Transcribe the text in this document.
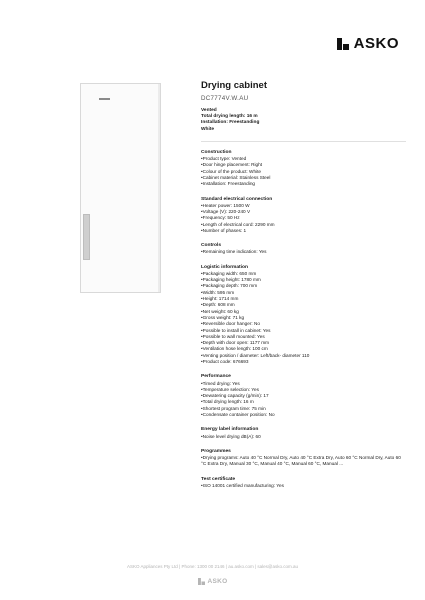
ASKO
Drying cabinet
DC7774V.W.AU
Vented
Total drying length: 16 m
Installation: Freestanding
White
Construction
• Product type: Vented
• Door hinge placement: Right
• Colour of the product: White
• Cabinet material: Stainless Steel
• Installation: Freestanding
Standard electrical connection
• Heater power: 1500 W
• Voltage (V): 220-240 V
• Frequency: 50 Hz
• Length of electrical cord: 2290 mm
• Number of phases: 1
Controls
• Remaining time indication: Yes
Logistic information
• Packaging width: 650 mm
• Packaging height: 1780 mm
• Packaging depth: 700 mm
• Width: 595 mm
• Height: 1714 mm
• Depth: 608 mm
• Net weight: 60 kg
• Gross weight: 71 kg
• Reversible door hanger: No
• Possible to install in cabinet: Yes
• Possible to wall mounted: Yes
• Depth with door open: 1177 mm
• Ventilation hose length: 100 cm
• Venting position / diameter: Left/back- diameter 110
• Product code: 676693
Performance
• Timed drying: Yes
• Temperature selection: Yes
• Dewatering capacity (g/min): 17
• Total drying length: 16 m
• Shortest program time: 75 min
• Condensate container position: No
Energy label information
• Noise level drying dB(A): 60
Programmes
• Drying programs: Auto 40 °C Normal Dry, Auto 40 °C Extra Dry, Auto 60 °C Normal Dry, Auto 60 °C Extra Dry, Manual 30 °C, Manual 40 °C, Manual 60 °C, Manual ...
Test certificate
• ISO 14001 certified manufacturing: Yes
ASKO Appliances Pty Ltd | Phone: 1300 00 2146 | au.asko.com | sales@asko.com.au
ASKO
